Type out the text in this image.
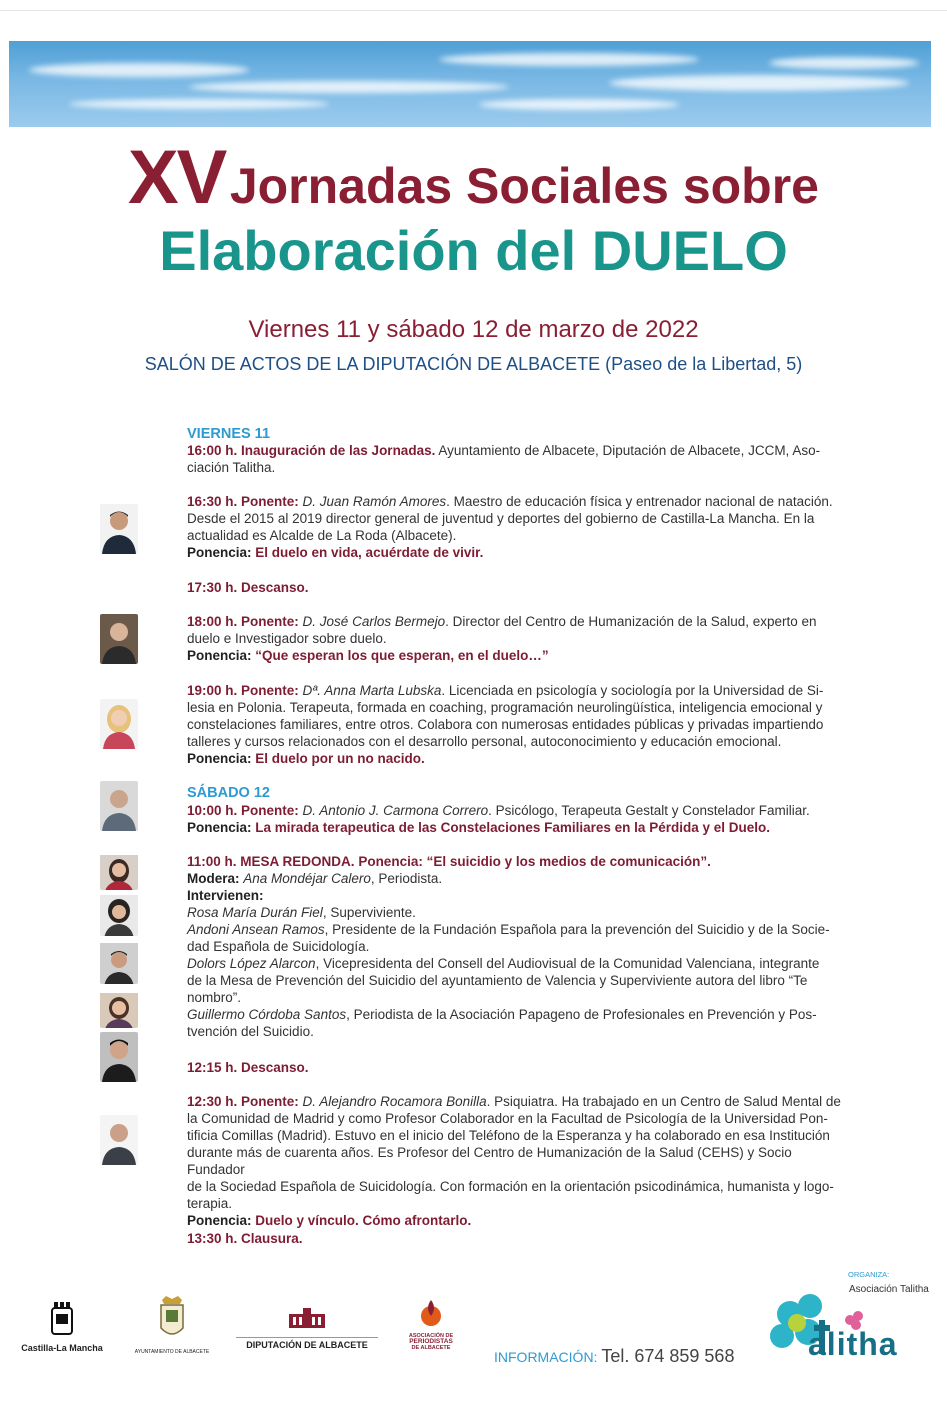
XV Jornadas Sociales sobre
Elaboración del DUELO
Viernes 11 y sábado 12 de marzo de 2022
SALÓN DE ACTOS DE LA DIPUTACIÓN DE ALBACETE (Paseo de la Libertad, 5)
VIERNES 11
16:00 h. Inauguración de las Jornadas. Ayuntamiento de Albacete, Diputación de Albacete, JCCM, Aso-
ciación Talitha.
16:30 h. Ponente: D. Juan Ramón Amores. Maestro de educación física y entrenador nacional de natación.
Desde el 2015 al 2019 director general de juventud y deportes del gobierno de Castilla-La Mancha. En la
actualidad es Alcalde de La Roda (Albacete).
Ponencia: El duelo en vida, acuérdate de vivir.
17:30 h. Descanso.
18:00 h. Ponente: D. José Carlos Bermejo. Director del Centro de Humanización de la Salud, experto en
duelo e Investigador sobre duelo.
Ponencia: “Que esperan los que esperan, en el duelo…”
19:00 h. Ponente: Dª. Anna Marta Lubska. Licenciada en psicología y sociología por la Universidad de Si-
lesia en Polonia. Terapeuta, formada en coaching, programación neurolingüística, inteligencia emocional y
constelaciones familiares, entre otros. Colabora con numerosas entidades públicas y privadas impartiendo
talleres y cursos relacionados con el desarrollo personal, autoconocimiento y educación emocional.
Ponencia: El duelo por un no nacido.
SÁBADO 12
10:00 h. Ponente: D. Antonio J. Carmona Correro. Psicólogo, Terapeuta Gestalt y Constelador Familiar.
Ponencia: La mirada terapeutica de las Constelaciones Familiares en la Pérdida y el Duelo.
11:00 h. MESA REDONDA. Ponencia: “El suicidio y los medios de comunicación”.
Modera: Ana Mondéjar Calero, Periodista.
Intervienen:
Rosa María Durán Fiel, Superviviente.
Andoni Ansean Ramos, Presidente de la Fundación Española para la prevención del Suicidio y de la Socie-
dad Española de Suicidología.
Dolors López Alarcon, Vicepresidenta del Consell del Audiovisual de la Comunidad Valenciana, integrante
de la Mesa de Prevención del Suicidio del ayuntamiento de Valencia y Superviviente autora del libro “Te
nombro”.
Guillermo Córdoba Santos, Periodista de la Asociación Papageno de Profesionales en Prevención y Pos-
tvención del Suicidio.
12:15 h. Descanso.
12:30 h. Ponente: D. Alejandro Rocamora Bonilla. Psiquiatra. Ha trabajado en un Centro de Salud Mental de
la Comunidad de Madrid y como Profesor Colaborador en la Facultad de Psicología de la Universidad Pon-
tificia Comillas (Madrid). Estuvo en el inicio del Teléfono de la Esperanza y ha colaborado en esa Institución
durante más de cuarenta años. Es Profesor del Centro de Humanización de la Salud (CEHS) y Socio Fundador
de la Sociedad Española de Suicidología. Con formación en la orientación psicodinámica, humanista y logo-
terapia.
Ponencia: Duelo y vínculo. Cómo afrontarlo.
13:30 h. Clausura.
Castilla-La Mancha	AYUNTAMIENTO DE ALBACETE
DIPUTACIÓN DE ALBACETE
ASOCIACIÓN DE
PERIODISTAS
DE ALBACETE
INFORMACIÓN: Tel. 674 859 568
ORGANIZA:
Asociación Talitha
alitha
